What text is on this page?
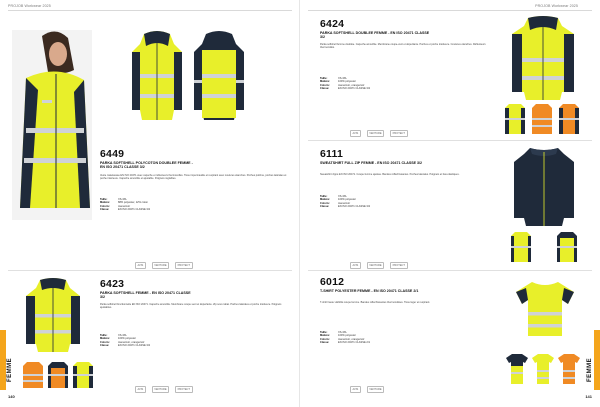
PROJOB Workwear 2025
6449
PARKA SOFTSHELL POLYCOTON DOUBLEE FEMME - EN ISO 20471 CLASSE 3/2
Veste matelassée EN ISO 20471 avec capuche et réflecteurs thermocollés. Tissu imperméable et respirant avec coutures étanches. Poches poitrine, poches latérales et poche intérieure. Capuche amovible et ajustable. Poignets réglables.
Taille:	XS-3XL
Matière:	88% polyester, 12% coton
Coloris:	Jaune/noir
Classe:	EN ISO 20471 CLASSE 3/2
AVIS	VENTURE	PROTECT
6423
PARKA SOFTSHELL FEMME - EN ISO 20471 CLASSE 3/2
Parka softshell fonctionnelle EN ISO 20471. Capuche amovible. Membrane coupe-vent et déperlante. Zip sous rabat. Poches latérales et poche intérieure. Poignets ajustables.
Taille:	XS-3XL
Matière:	100% polyester
Coloris:	Jaune/noir, orange/noir
Classe:	EN ISO 20471 CLASSE 3/2
AVIS	VENTURE	PROTECT
FEMME
140
PROJOB Workwear 2025
6424
PARKA SOFTSHELL DOUBLEE FEMME - EN ISO 20471 CLASSE 3/2
Parka softshell femme doublée. Capuche amovible. Membrane coupe-vent et déperlante. Poches et poche intérieure. Coutures étanches. Réflecteurs thermocollés.
Taille:	XS-3XL
Matière:	100% polyester
Coloris:	Jaune/noir, orange/noir
Classe:	EN ISO 20471 CLASSE 3/2
AVIS	VENTURE	PROTECT
6111
SWEATSHIRT FULL ZIP FEMME - EN ISO 20471 CLASSE 3/2
Sweatshirt zippé EN ISO 20471. Coupe femme ajustée. Bandes réfléchissantes. Poches latérales. Poignets et bas élastiques.
Taille:	XS-3XL
Matière:	100% polyester
Coloris:	Jaune/noir
Classe:	EN ISO 20471 CLASSE 3/2
AVIS	VENTURE	PROTECT
6012
T-SHIRT POLYESTER FEMME - EN ISO 20471 CLASSE 2/1
T-shirt haute visibilité coupe femme. Bandes réfléchissantes thermocollées. Tissu léger et respirant.
Taille:	XS-3XL
Matière:	100% polyester
Coloris:	Jaune/noir, orange/noir
Classe:	EN ISO 20471 CLASSE 2/1
AVIS	VENTURE
FEMME
141
